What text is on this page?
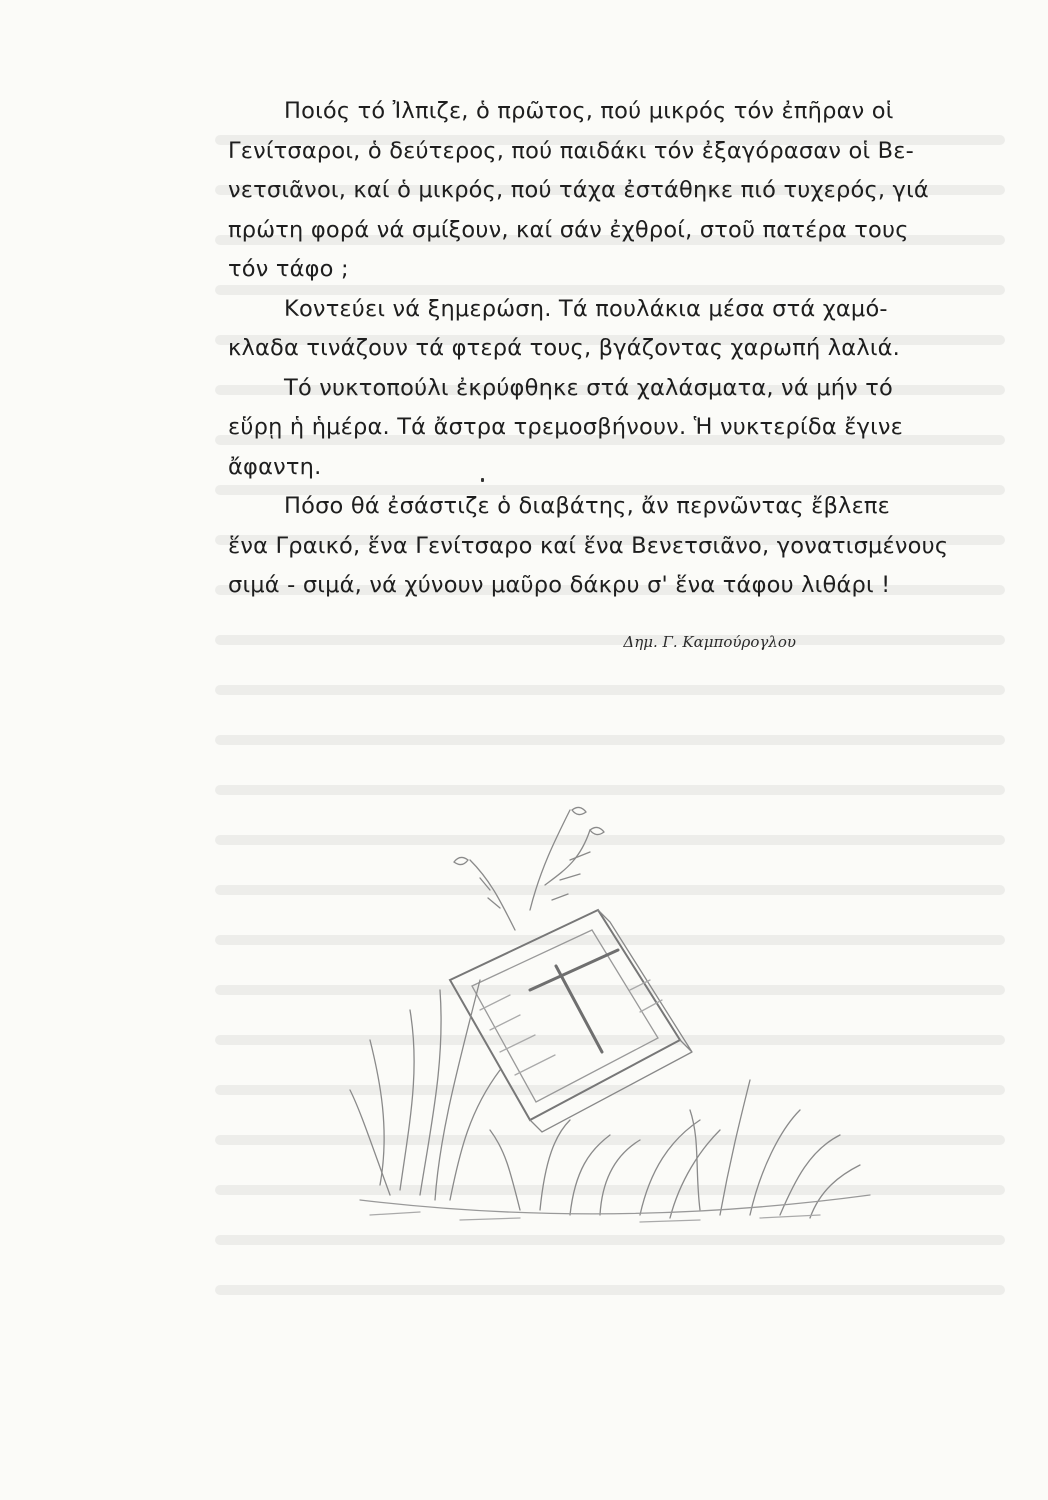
Ποιός τό Ἰλπιζε, ὁ πρῶτος, πού μικρός τόν ἐπῆραν οἱ
Γενίτσαροι, ὁ δεύτερος, πού παιδάκι τόν ἐξαγόρασαν οἱ Βε-
νετσιᾶνοι, καί ὁ μικρός, πού τάχα ἐστάθηκε πιό τυχερός, γιά
πρώτη φορά νά σμίξουν, καί σάν ἐχθροί, στοῦ πατέρα τους
τόν τάφο ;
Κοντεύει νά ξημερώση. Τά πουλάκια μέσα στά χαμό-
κλαδα τινάζουν τά φτερά τους, βγάζοντας χαρωπή λαλιά.
Τό νυκτοπούλι ἐκρύφθηκε στά χαλάσματα, νά μήν τό
εὕρῃ ἡ ἡμέρα. Τά ἄστρα τρεμοσβήνουν. Ἡ νυκτερίδα ἔγινε
ἄφαντη.
Πόσο θά ἐσάστιζε ὁ διαβάτης, ἄν περνῶντας ἔβλεπε
ἕνα Γραικό, ἕνα Γενίτσαρο καί ἕνα Βενετσιᾶνο, γονατισμένους
σιμά - σιμά, νά χύνουν μαῦρο δάκρυ σ' ἕνα τάφου λιθάρι !
Δημ. Γ. Καμπούρογλου
